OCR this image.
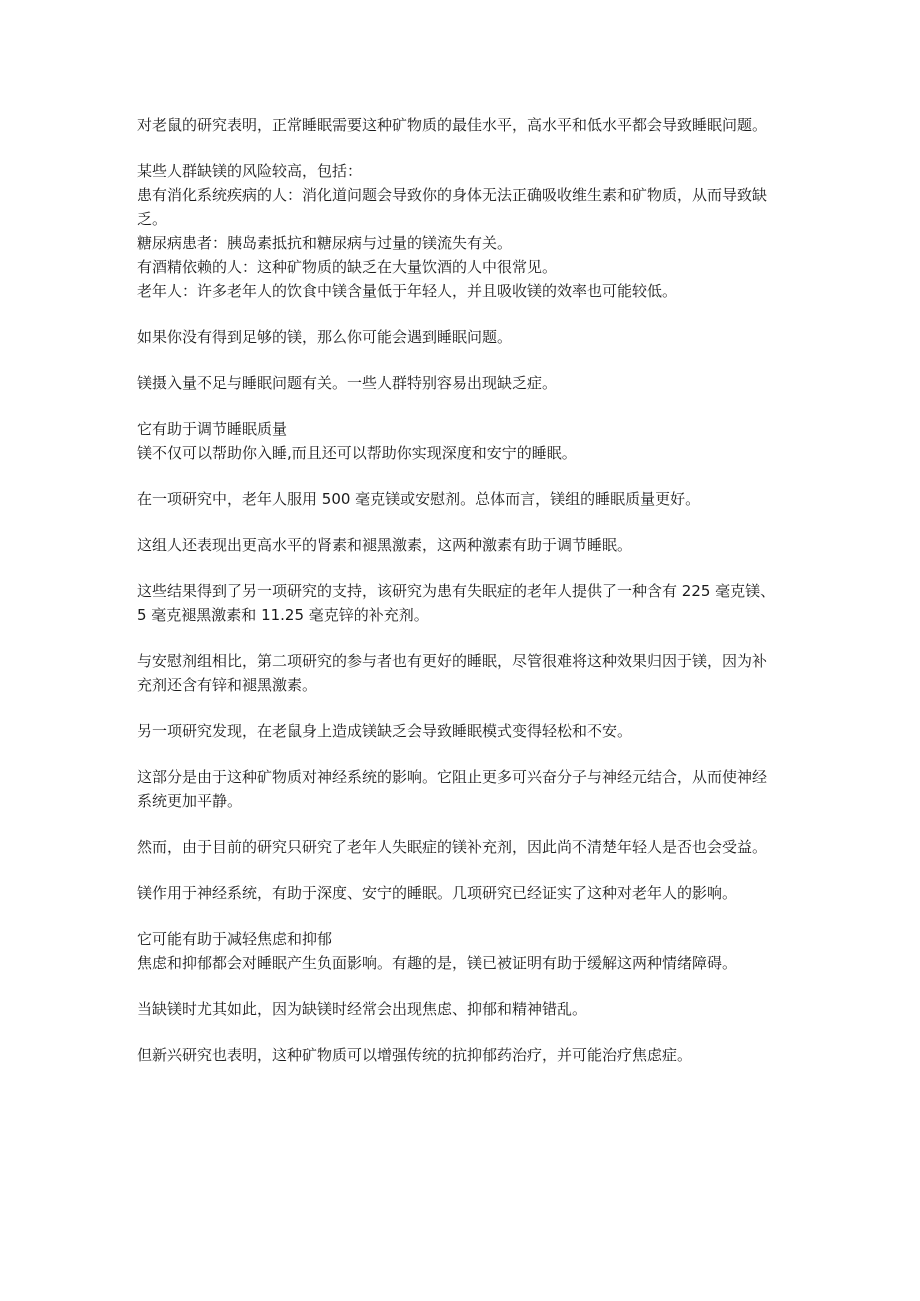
对老鼠的研究表明，正常睡眠需要这种矿物质的最佳水平，高水平和低水平都会导致睡眠问题。

某些人群缺镁的风险较高，包括：
患有消化系统疾病的人：消化道问题会导致你的身体无法正确吸收维生素和矿物质，从而导致缺乏。
糖尿病患者：胰岛素抵抗和糖尿病与过量的镁流失有关。
有酒精依赖的人：这种矿物质的缺乏在大量饮酒的人中很常见。
老年人：许多老年人的饮食中镁含量低于年轻人，并且吸收镁的效率也可能较低。

如果你没有得到足够的镁，那么你可能会遇到睡眠问题。

镁摄入量不足与睡眠问题有关。一些人群特别容易出现缺乏症。

它有助于调节睡眠质量
镁不仅可以帮助你入睡,而且还可以帮助你实现深度和安宁的睡眠。

在一项研究中，老年人服用 500 毫克镁或安慰剂。总体而言，镁组的睡眠质量更好。

这组人还表现出更高水平的肾素和褪黑激素，这两种激素有助于调节睡眠。

这些结果得到了另一项研究的支持，该研究为患有失眠症的老年人提供了一种含有 225 毫克镁、5 毫克褪黑激素和 11.25 毫克锌的补充剂。

与安慰剂组相比，第二项研究的参与者也有更好的睡眠，尽管很难将这种效果归因于镁，因为补充剂还含有锌和褪黑激素。

另一项研究发现，在老鼠身上造成镁缺乏会导致睡眠模式变得轻松和不安。

这部分是由于这种矿物质对神经系统的影响。它阻止更多可兴奋分子与神经元结合，从而使神经系统更加平静。

然而，由于目前的研究只研究了老年人失眠症的镁补充剂，因此尚不清楚年轻人是否也会受益。

镁作用于神经系统，有助于深度、安宁的睡眠。几项研究已经证实了这种对老年人的影响。

它可能有助于减轻焦虑和抑郁
焦虑和抑郁都会对睡眠产生负面影响。有趣的是，镁已被证明有助于缓解这两种情绪障碍。

当缺镁时尤其如此，因为缺镁时经常会出现焦虑、抑郁和精神错乱。

但新兴研究也表明，这种矿物质可以增强传统的抗抑郁药治疗，并可能治疗焦虑症。
